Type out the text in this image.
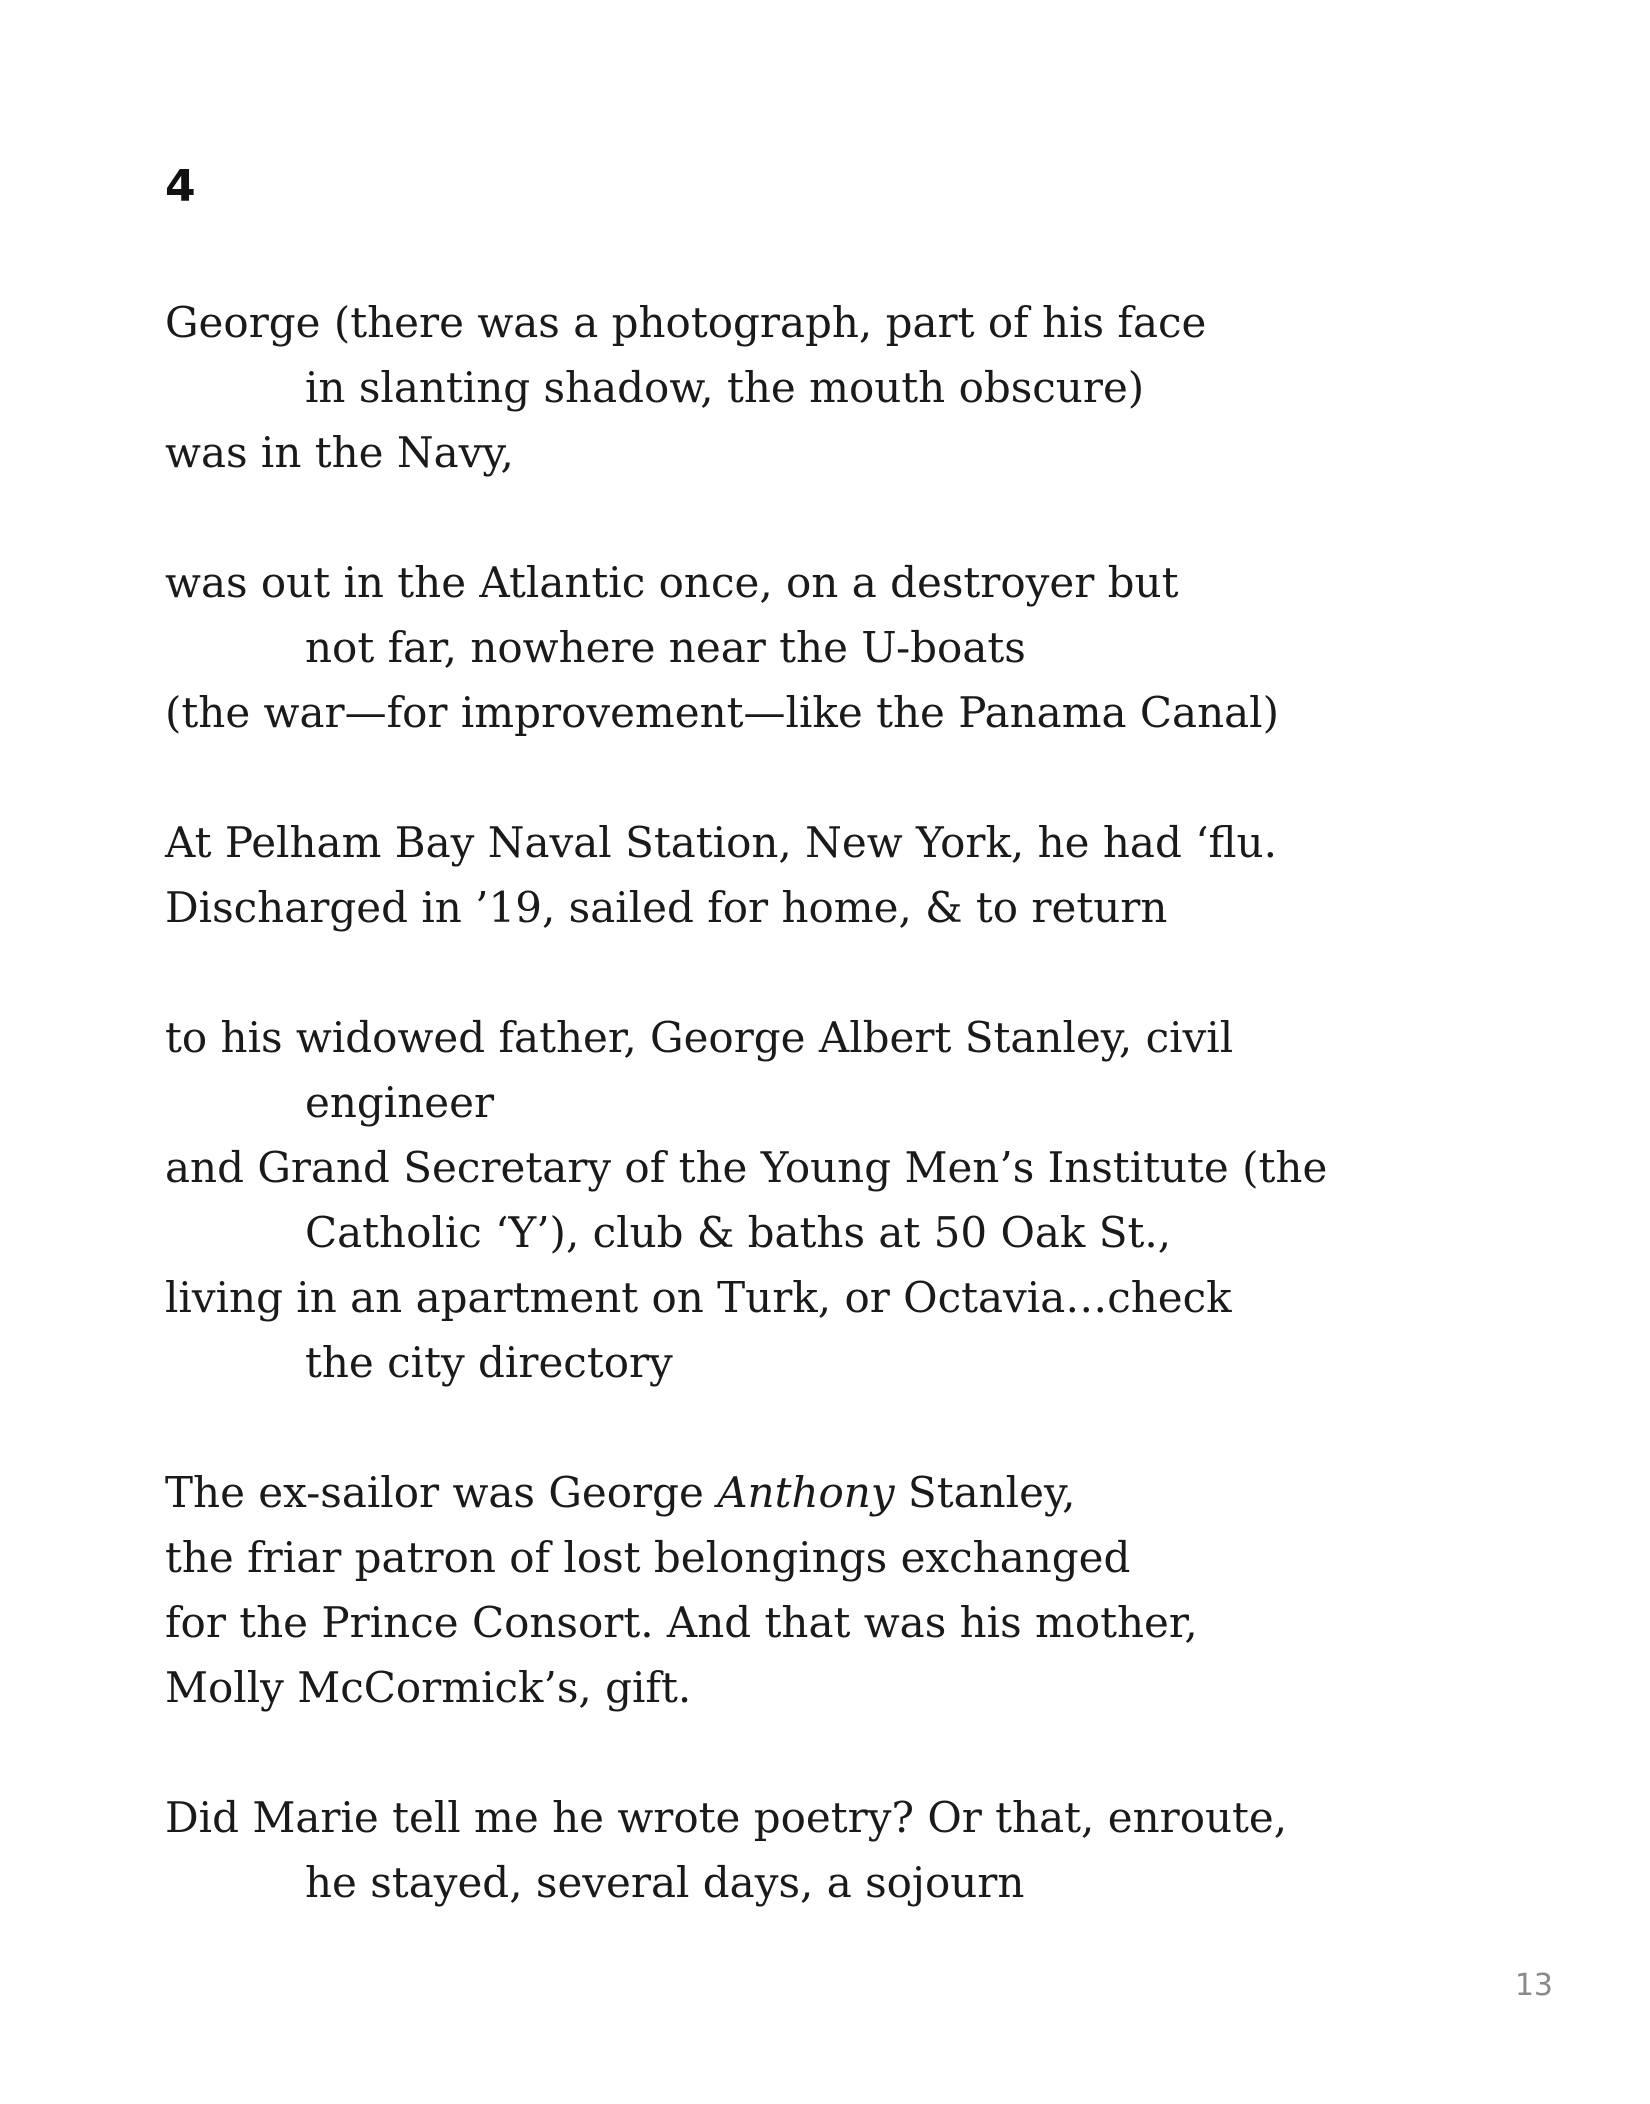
4
George (there was a photograph, part of his face
in slanting shadow, the mouth obscure)
was in the Navy,
was out in the Atlantic once, on a destroyer but
not far, nowhere near the U-boats
(the war—for improvement—like the Panama Canal)
At Pelham Bay Naval Station, New York, he had ‘flu.
Discharged in ’19, sailed for home, & to return
to his widowed father, George Albert Stanley, civil
engineer
and Grand Secretary of the Young Men’s Institute (the
Catholic ‘Y’), club & baths at 50 Oak St.,
living in an apartment on Turk, or Octavia…check
the city directory
The ex-sailor was George Anthony Stanley,
the friar patron of lost belongings exchanged
for the Prince Consort. And that was his mother,
Molly McCormick’s, gift.
Did Marie tell me he wrote poetry? Or that, enroute,
he stayed, several days, a sojourn
13
